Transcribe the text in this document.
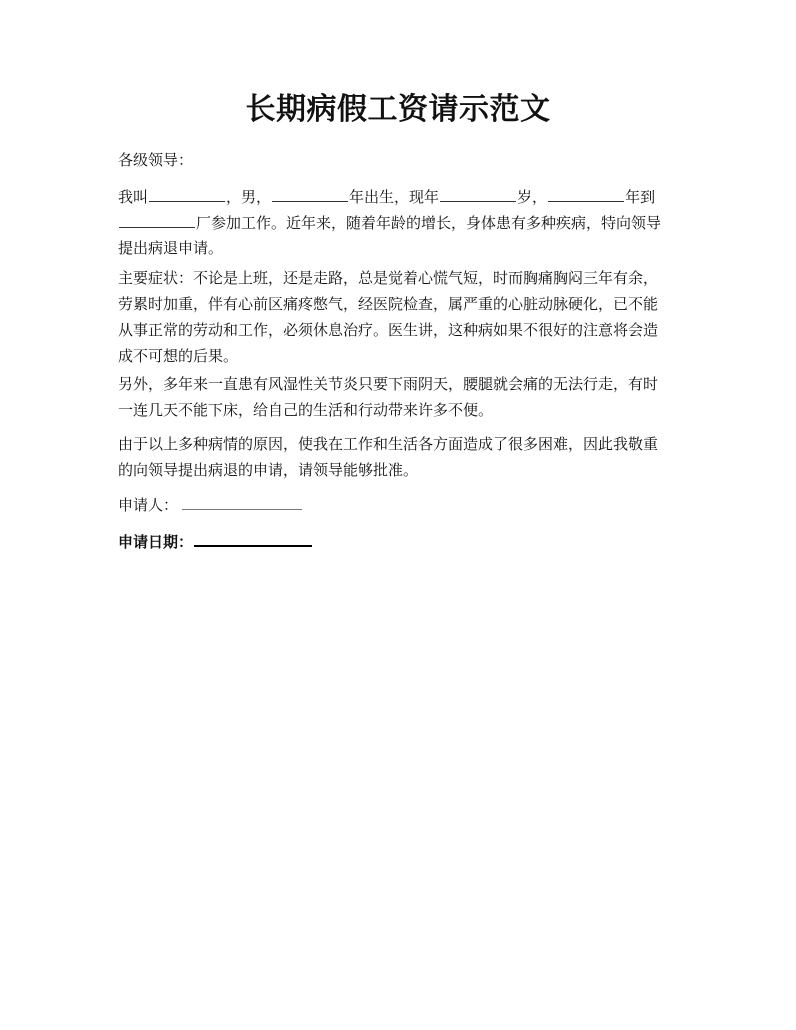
长期病假工资请示范文
各级领导：
我叫	，男，	年出生，现年	岁，	年到
厂参加工作。近年来，随着年龄的增长，身体患有多种疾病，特向领导
提出病退申请。
主要症状：不论是上班，还是走路，总是觉着心慌气短，时而胸痛胸闷三年有余，
劳累时加重，伴有心前区痛疼憋气，经医院检查，属严重的心脏动脉硬化，已不能
从事正常的劳动和工作，必须休息治疗。医生讲，这种病如果不很好的注意将会造
成不可想的后果。
另外，多年来一直患有风湿性关节炎只要下雨阴天，腰腿就会痛的无法行走，有时
一连几天不能下床，给自己的生活和行动带来许多不便。
由于以上多种病情的原因，使我在工作和生活各方面造成了很多困难，因此我敬重
的向领导提出病退的申请，请领导能够批准。
申请人：
申请日期：
